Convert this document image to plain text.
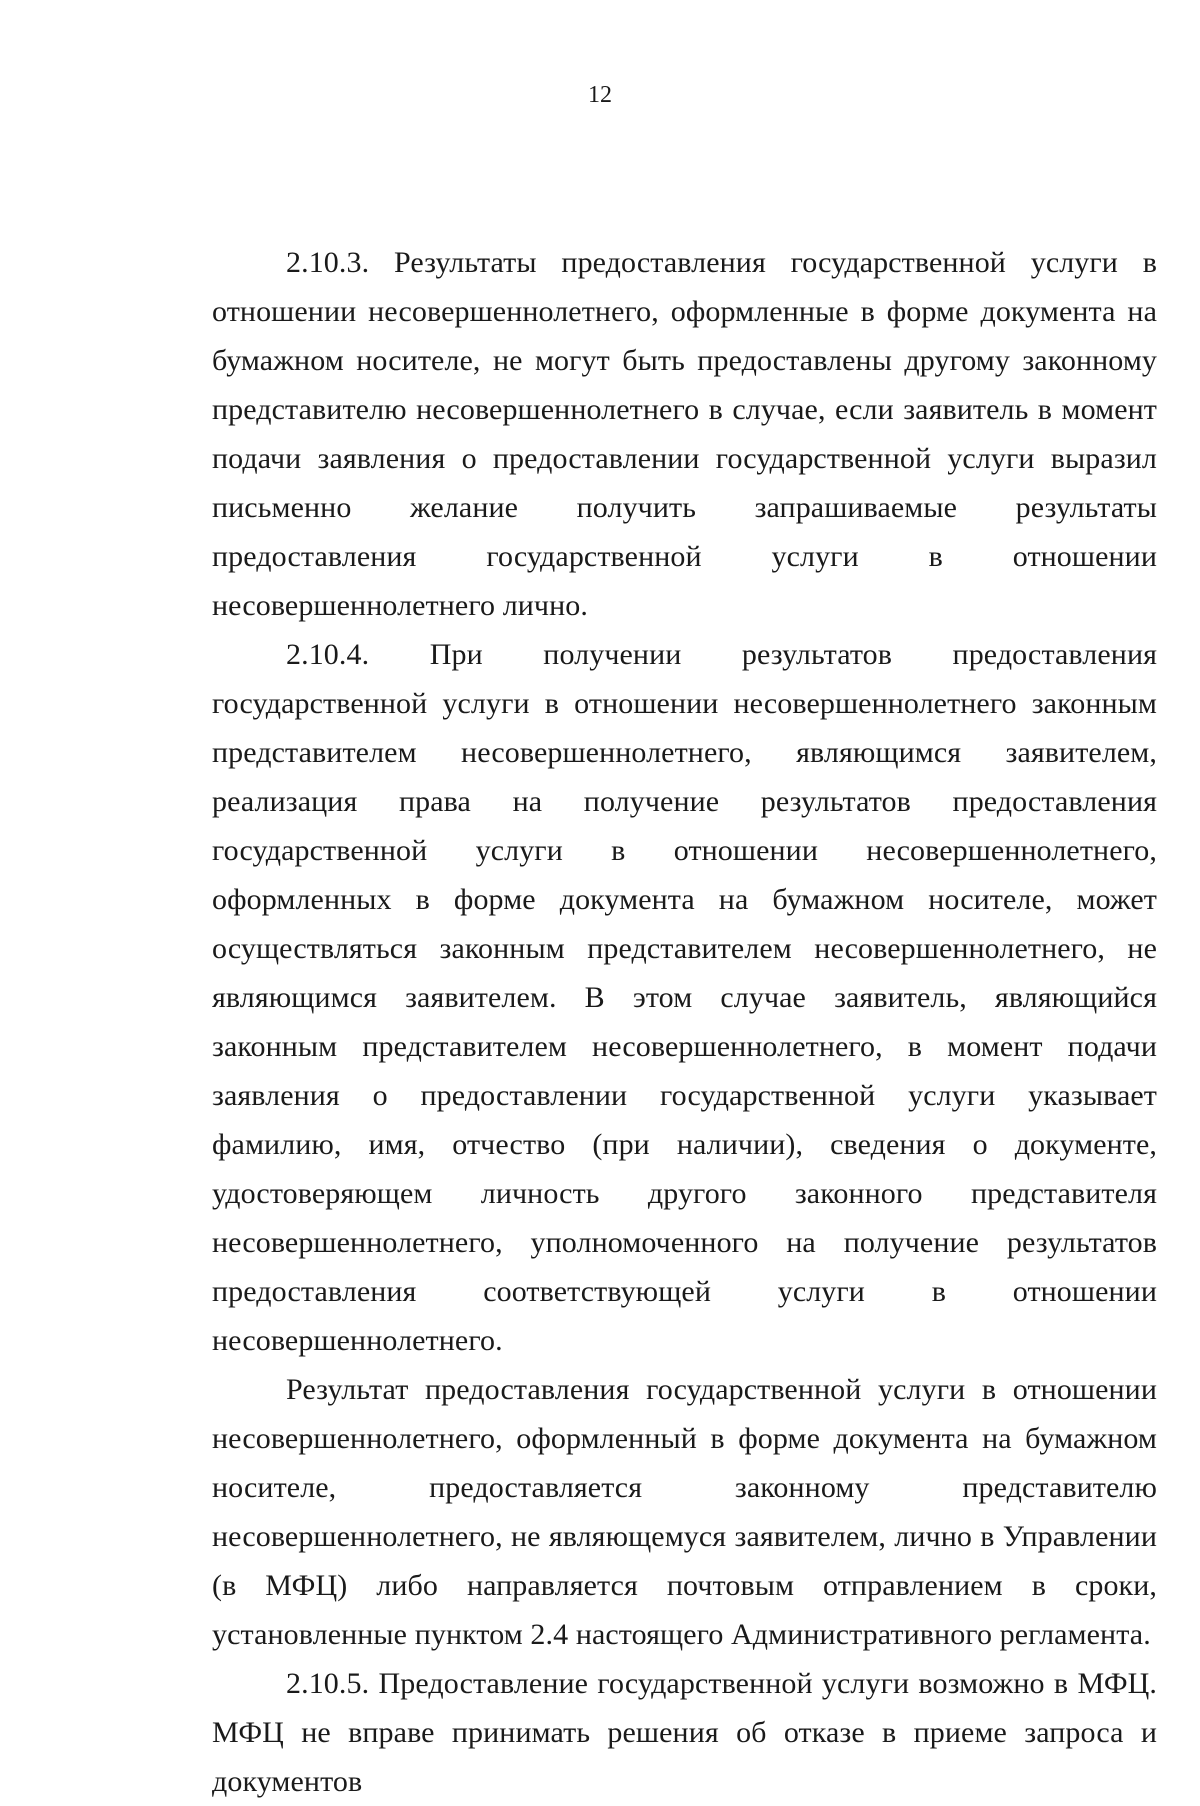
12

2.10.3. Результаты предоставления государственной услуги в отношении несовершеннолетнего, оформленные в форме документа на бумажном носителе, не могут быть предоставлены другому законному представителю несовершеннолетнего в случае, если заявитель в момент подачи заявления о предоставлении государственной услуги выразил письменно желание получить запрашиваемые результаты предоставления государственной услуги в отношении несовершеннолетнего лично.

2.10.4. При получении результатов предоставления государственной услуги в отношении несовершеннолетнего законным представителем несовершеннолетнего, являющимся заявителем, реализация права на получение результатов предоставления государственной услуги в отношении несовершеннолетнего, оформленных в форме документа на бумажном носителе, может осуществляться законным представителем несовершеннолетнего, не являющимся заявителем. В этом случае заявитель, являющийся законным представителем несовершеннолетнего, в момент подачи заявления о предоставлении государственной услуги указывает фамилию, имя, отчество (при наличии), сведения о документе, удостоверяющем личность другого законного представителя несовершеннолетнего, уполномоченного на получение результатов предоставления соответствующей услуги в отношении несовершеннолетнего.

Результат предоставления государственной услуги в отношении несовершеннолетнего, оформленный в форме документа на бумажном носителе, предоставляется законному представителю несовершеннолетнего, не являющемуся заявителем, лично в Управлении (в МФЦ) либо направляется почтовым отправлением в сроки, установленные пунктом 2.4 настоящего Административного регламента.

2.10.5. Предоставление государственной услуги возможно в МФЦ. МФЦ не вправе принимать решения об отказе в приеме запроса и документов
